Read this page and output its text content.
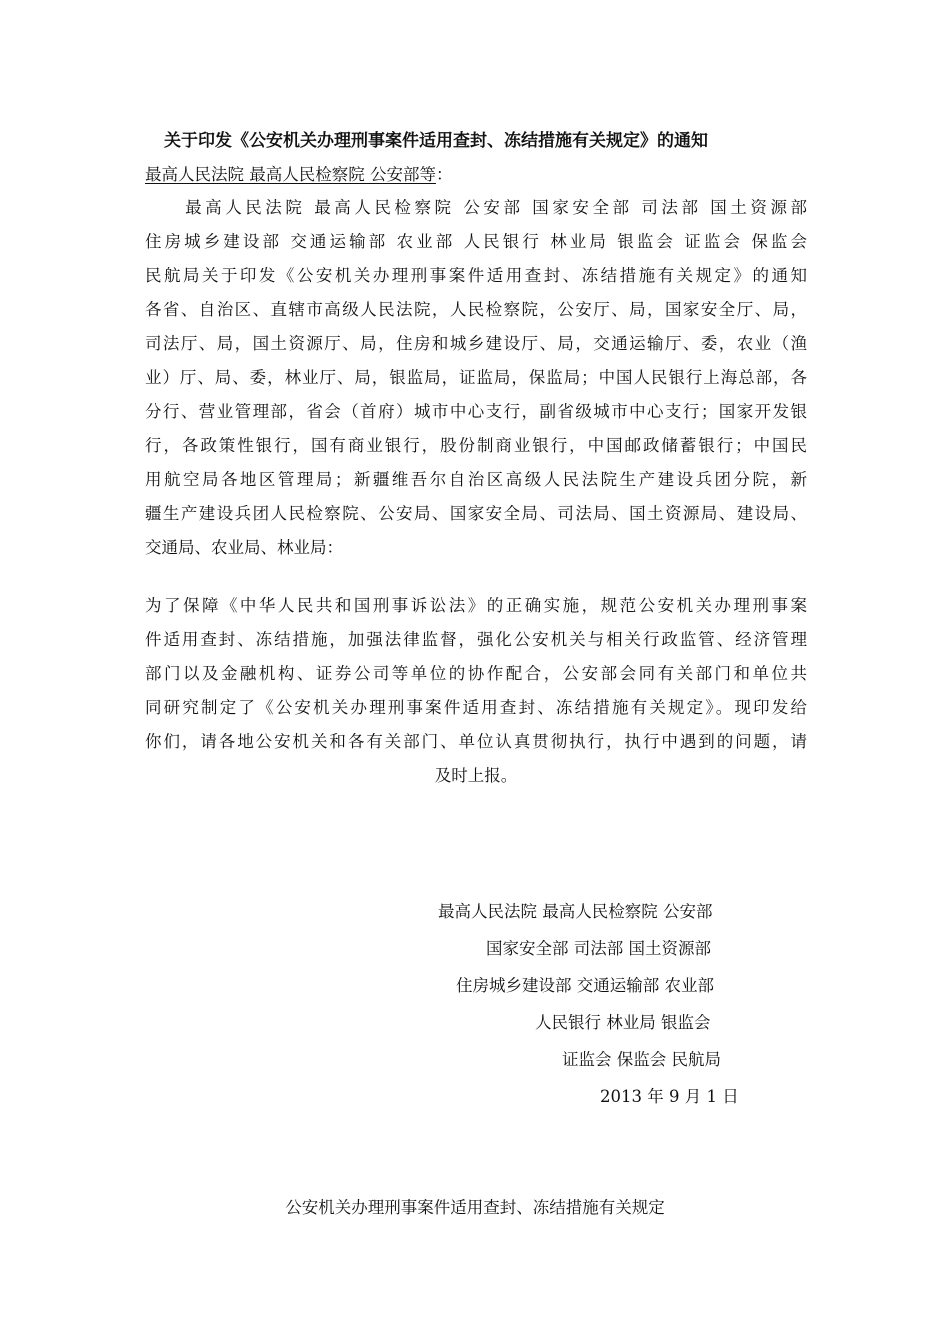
关于印发《公安机关办理刑事案件适用查封、冻结措施有关规定》的通知
最高人民法院 最高人民检察院 公安部等：
　　最高人民法院 最高人民检察院 公安部 国家安全部 司法部 国土资源部
住房城乡建设部 交通运输部 农业部 人民银行 林业局 银监会 证监会 保监会
民航局关于印发《公安机关办理刑事案件适用查封、冻结措施有关规定》的通知
各省、自治区、直辖市高级人民法院，人民检察院，公安厅、局，国家安全厅、局，
司法厅、局，国土资源厅、局，住房和城乡建设厅、局，交通运输厅、委，农业（渔
业）厅、局、委，林业厅、局，银监局，证监局，保监局；中国人民银行上海总部，各
分行、营业管理部，省会（首府）城市中心支行，副省级城市中心支行；国家开发银
行，各政策性银行，国有商业银行，股份制商业银行，中国邮政储蓄银行；中国民
用航空局各地区管理局；新疆维吾尔自治区高级人民法院生产建设兵团分院，新
疆生产建设兵团人民检察院、公安局、国家安全局、司法局、国土资源局、建设局、
交通局、农业局、林业局：
为了保障《中华人民共和国刑事诉讼法》的正确实施，规范公安机关办理刑事案
件适用查封、冻结措施，加强法律监督，强化公安机关与相关行政监管、经济管理
部门以及金融机构、证券公司等单位的协作配合，公安部会同有关部门和单位共
同研究制定了《公安机关办理刑事案件适用查封、冻结措施有关规定》。现印发给
你们，请各地公安机关和各有关部门、单位认真贯彻执行，执行中遇到的问题，请
及时上报。
最高人民法院 最高人民检察院 公安部
国家安全部 司法部 国土资源部
住房城乡建设部 交通运输部 农业部
人民银行 林业局 银监会
证监会 保监会 民航局
2013 年 9 月 1 日
公安机关办理刑事案件适用查封、冻结措施有关规定
